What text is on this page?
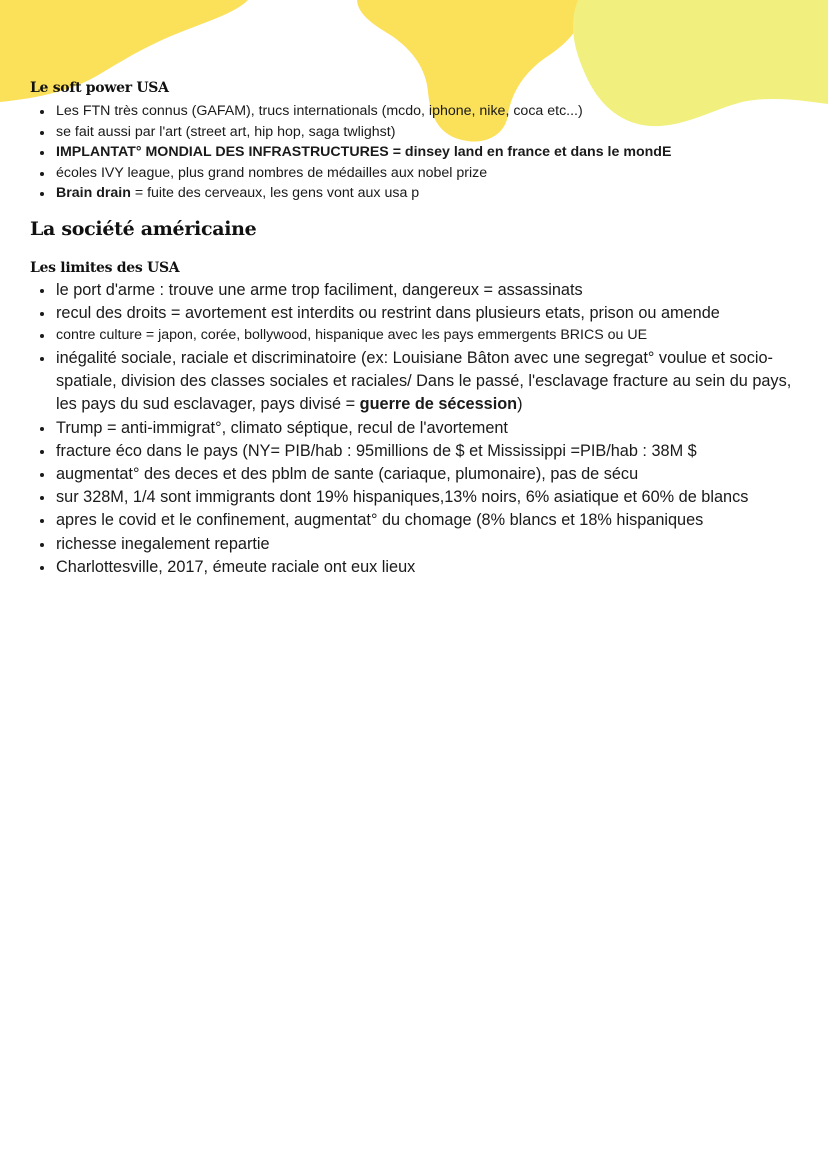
Le soft power USA
Les FTN très connus (GAFAM), trucs internationals (mcdo, iphone, nike, coca etc...)
se fait aussi par l'art (street art, hip hop, saga twlighst)
IMPLANTAT° MONDIAL DES INFRASTRUCTURES = dinsey land en france et dans le mondE
écoles IVY league, plus grand nombres de médailles aux nobel prize
Brain drain = fuite des cerveaux, les gens vont aux usa p
La société américaine
Les limites des USA
le port d'arme : trouve une arme trop faciliment, dangereux = assassinats
recul des droits = avortement est interdits ou restrint dans plusieurs etats, prison ou amende
contre culture = japon, corée, bollywood, hispanique avec les pays emmergents BRICS ou UE
inégalité sociale, raciale et discriminatoire (ex: Louisiane Bâton avec une segregat° voulue et socio-spatiale, division des classes sociales et raciales/ Dans le passé, l'esclavage fracture au sein du pays, les pays du sud esclavager, pays divisé = guerre de sécession)
Trump = anti-immigrat°, climato séptique, recul de l'avortement
fracture éco dans le pays (NY= PIB/hab : 95millions de $ et Mississippi =PIB/hab : 38M $
augmentat° des deces et des pblm de sante (cariaque, plumonaire), pas de sécu
sur 328M, 1/4 sont immigrants dont 19% hispaniques,13% noirs, 6% asiatique et 60% de blancs
apres le covid et le confinement, augmentat° du chomage (8% blancs et 18% hispaniques
richesse inegalement repartie
Charlottesville, 2017, émeute raciale ont eux lieux
